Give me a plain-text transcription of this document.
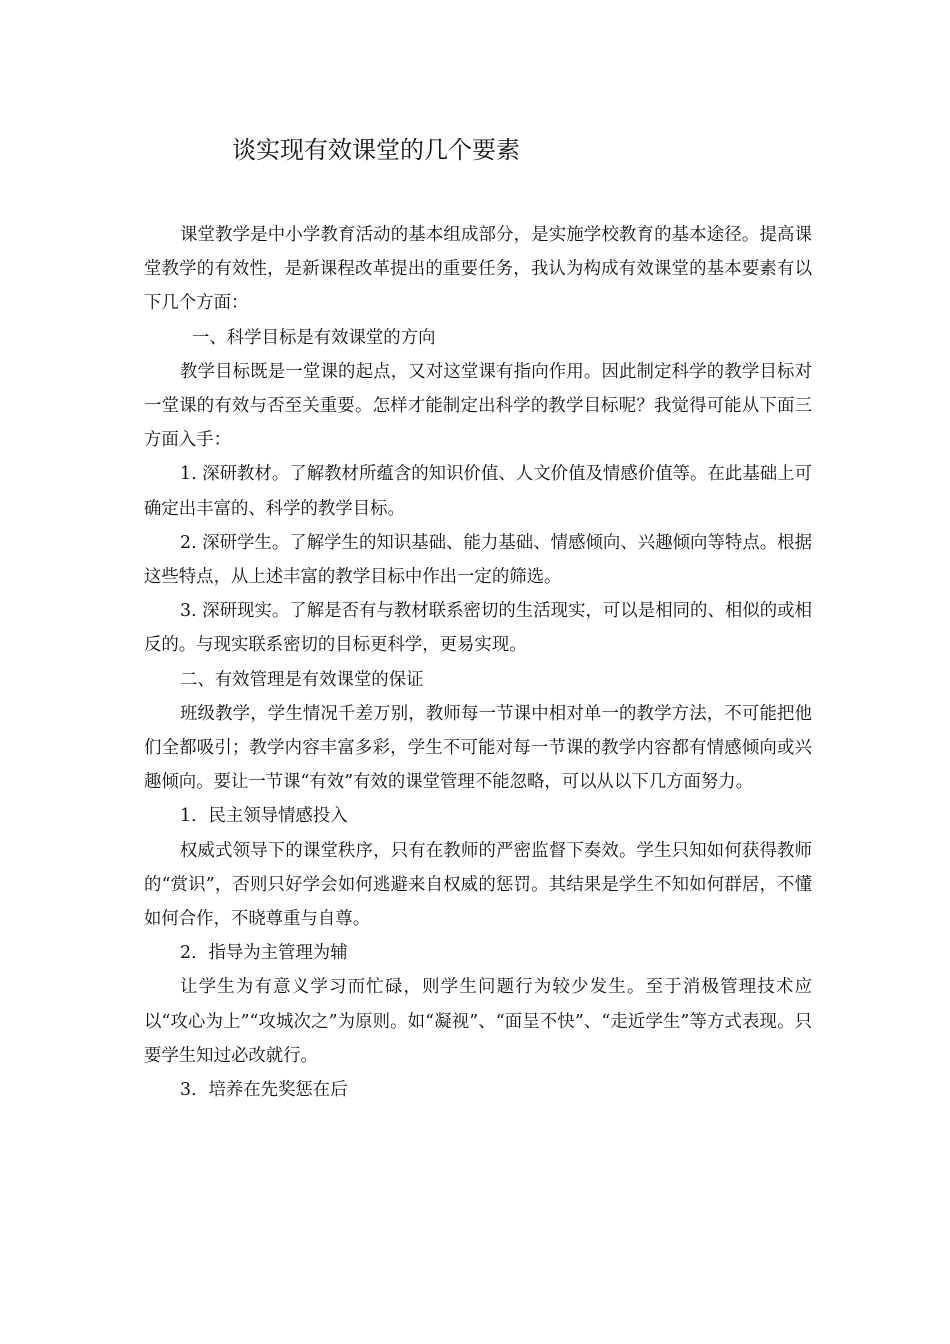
谈实现有效课堂的几个要素

课堂教学是中小学教育活动的基本组成部分，是实施学校教育的基本途径。提高课堂教学的有效性，是新课程改革提出的重要任务，我认为构成有效课堂的基本要素有以下几个方面：

一、科学目标是有效课堂的方向

教学目标既是一堂课的起点，又对这堂课有指向作用。因此制定科学的教学目标对一堂课的有效与否至关重要。怎样才能制定出科学的教学目标呢？我觉得可能从下面三方面入手：

1. 深研教材。了解教材所蕴含的知识价值、人文价值及情感价值等。在此基础上可确定出丰富的、科学的教学目标。

2. 深研学生。了解学生的知识基础、能力基础、情感倾向、兴趣倾向等特点。根据这些特点，从上述丰富的教学目标中作出一定的筛选。

3. 深研现实。了解是否有与教材联系密切的生活现实，可以是相同的、相似的或相反的。与现实联系密切的目标更科学，更易实现。

二、有效管理是有效课堂的保证

班级教学，学生情况千差万别，教师每一节课中相对单一的教学方法，不可能把他们全都吸引；教学内容丰富多彩，学生不可能对每一节课的教学内容都有情感倾向或兴趣倾向。要让一节课“有效”有效的课堂管理不能忽略，可以从以下几方面努力。

1．民主领导情感投入

权威式领导下的课堂秩序，只有在教师的严密监督下奏效。学生只知如何获得教师的“赏识”，否则只好学会如何逃避来自权威的惩罚。其结果是学生不知如何群居，不懂如何合作，不晓尊重与自尊。

2．指导为主管理为辅

让学生为有意义学习而忙碌，则学生问题行为较少发生。至于消极管理技术应以“攻心为上”“攻城次之”为原则。如“凝视”、“面呈不快”、“走近学生”等方式表现。只要学生知过必改就行。

3．培养在先奖惩在后
